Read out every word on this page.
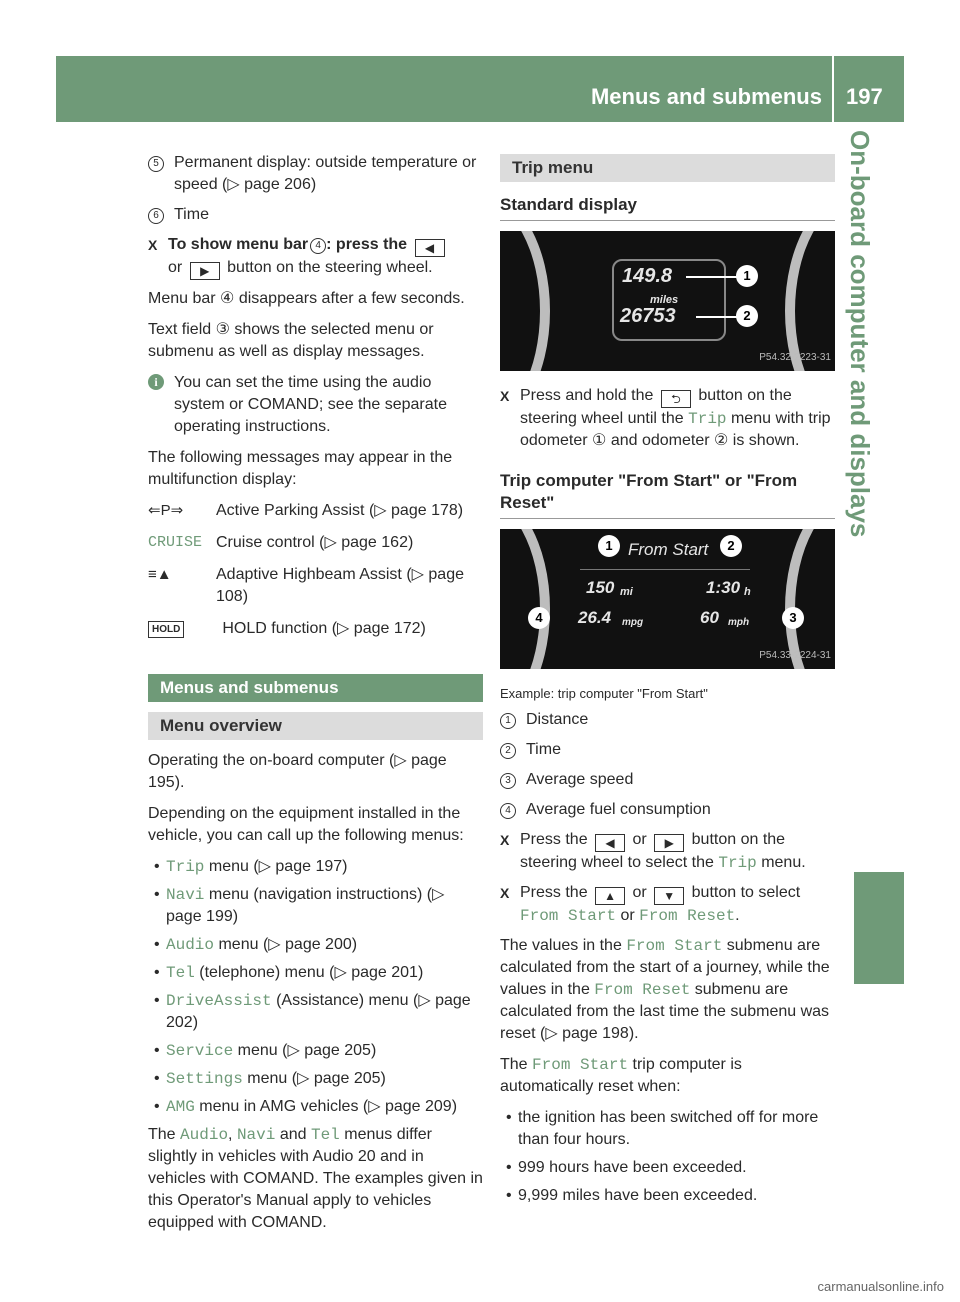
Menus and submenus 197
On-board computer and displays
5 Permanent display: outside temperature or speed (▷ page 206)
6 Time
X To show menu bar 4 : press the ◀
or ▶ button on the steering wheel.

Menu bar ④ disappears after a few seconds.

Text field ③ shows the selected menu or submenu as well as display messages.

i	You can set the time using the audio system or COMAND; see the separate operating instructions.

The following messages may appear in the multifunction display:

⇐P⇒	Active Parking Assist (▷ page 178)
CRUISE Cruise control (▷ page 162)
≡▲	Adaptive Highbeam Assist (▷ page 108)
HOLD	HOLD function (▷ page 172)
Menus and submenus
Menu overview

Operating the on-board computer (▷ page 195).

Depending on the equipment installed in the vehicle, you can call up the following menus:

• Trip menu (▷ page 197)
• Navi menu (navigation instructions) (▷ page 199)
• Audio menu (▷ page 200)
• Tel (telephone) menu (▷ page 201)
• DriveAssist (Assistance) menu (▷ page 202)
• Service menu (▷ page 205)
• Settings menu (▷ page 205)
• AMG menu in AMG vehicles (▷ page 209)

The Audio, Navi and Tel menus differ slightly in vehicles with Audio 20 and in vehicles with COMAND. The examples given in this Operator's Manual apply to vehicles equipped with COMAND.

Trip menu
Standard display
149.8
miles
26753
1
2
P54.32-2223-31
X Press and hold the ⮌ button on the steering wheel until the Trip menu with trip odometer ① and odometer ② is shown.
Trip computer "From Start" or "From Reset"
From Start
150 mi	1:30 h
26.4 mpg	60 mph
1	2
3
4
P54.33-2224-31

Example: trip computer "From Start"

1 Distance
2 Time
3 Average speed
4 Average fuel consumption
X Press the ◀ or ▶ button on the steering wheel to select the Trip menu.
X Press the ▲ or ▼ button to select From Start or From Reset.

The values in the From Start submenu are calculated from the start of a journey, while the values in the From Reset submenu are calculated from the last time the submenu was reset (▷ page 198).

The From Start trip computer is automatically reset when:

• the ignition has been switched off for more than four hours.
• 999 hours have been exceeded.
• 9,999 miles have been exceeded.
carmanualsonline.info
